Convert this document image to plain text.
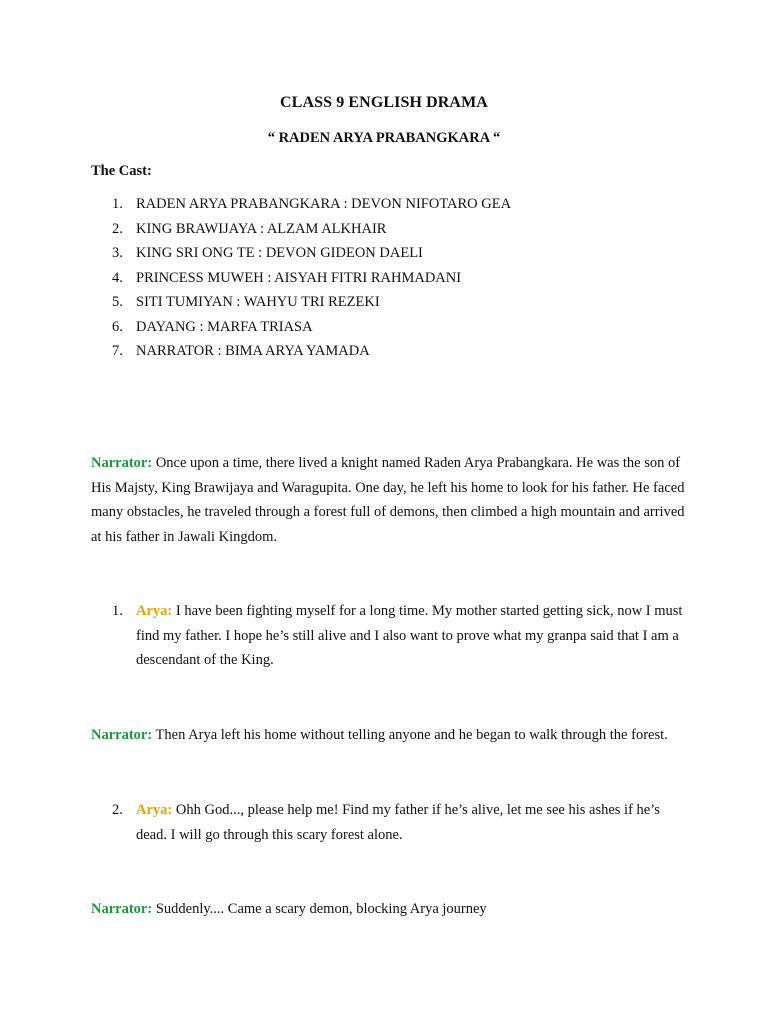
CLASS 9 ENGLISH DRAMA
“ RADEN ARYA PRABANGKARA “
The Cast:
1. RADEN ARYA PRABANGKARA : DEVON NIFOTARO GEA
2. KING BRAWIJAYA : ALZAM ALKHAIR
3. KING SRI ONG TE : DEVON GIDEON DAELI
4. PRINCESS MUWEH : AISYAH FITRI RAHMADANI
5. SITI TUMIYAN : WAHYU TRI REZEKI
6. DAYANG : MARFA TRIASA
7. NARRATOR : BIMA ARYA YAMADA

Narrator: Once upon a time, there lived a knight named Raden Arya Prabangkara. He was the son of His Majsty, King Brawijaya and Waragupita. One day, he left his home to look for his father. He faced many obstacles, he traveled through a forest full of demons, then climbed a high mountain and arrived at his father in Jawali Kingdom.

1. Arya: I have been fighting myself for a long time. My mother started getting sick, now I must find my father. I hope he’s still alive and I also want to prove what my granpa said that I am a descendant of the King.

Narrator: Then Arya left his home without telling anyone and he began to walk through the forest.

2. Arya: Ohh God..., please help me! Find my father if he’s alive, let me see his ashes if he’s dead. I will go through this scary forest alone.

Narrator: Suddenly.... Came a scary demon, blocking Arya journey
